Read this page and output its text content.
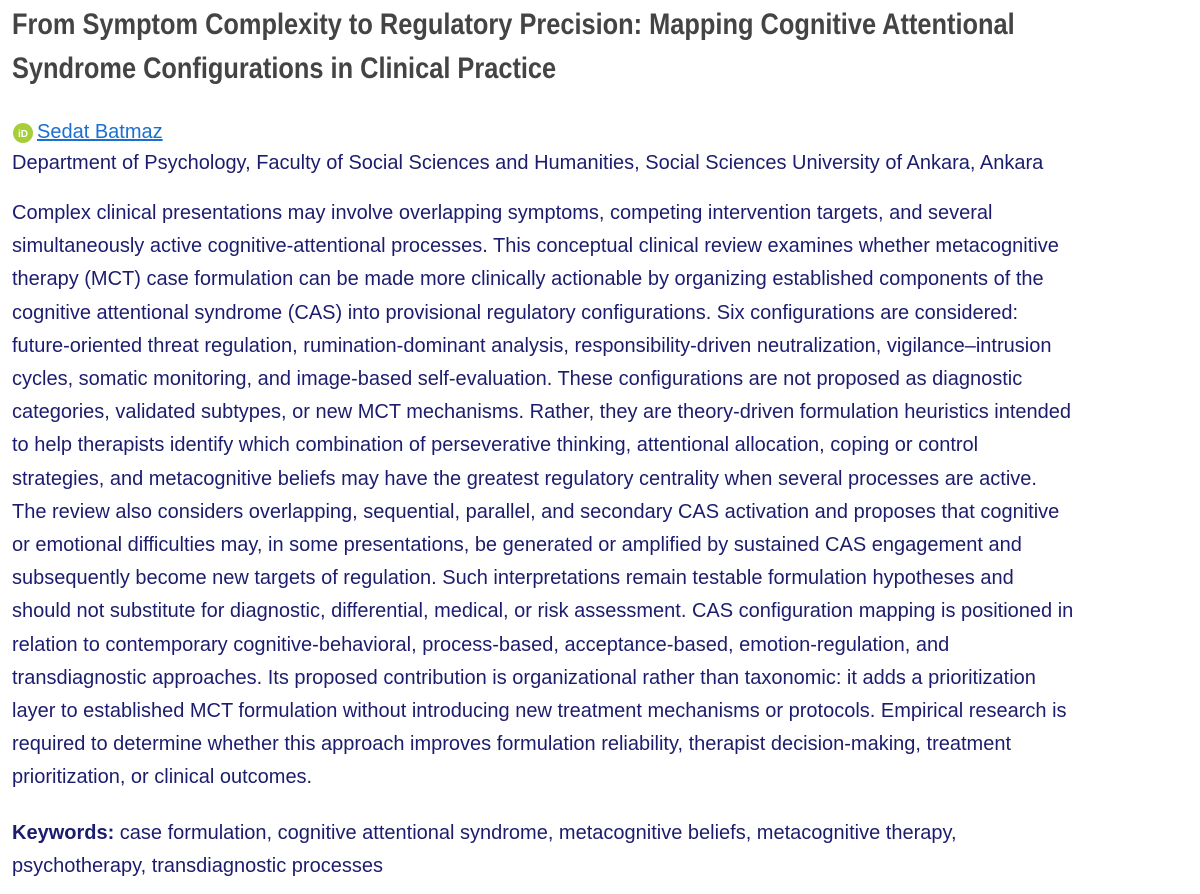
From Symptom Complexity to Regulatory Precision: Mapping Cognitive Attentional
Syndrome Configurations in Clinical Practice
iD Sedat Batmaz
Department of Psychology, Faculty of Social Sciences and Humanities, Social Sciences University of Ankara, Ankara
Complex clinical presentations may involve overlapping symptoms, competing intervention targets, and several
simultaneously active cognitive-attentional processes. This conceptual clinical review examines whether metacognitive
therapy (MCT) case formulation can be made more clinically actionable by organizing established components of the
cognitive attentional syndrome (CAS) into provisional regulatory configurations. Six configurations are considered:
future-oriented threat regulation, rumination-dominant analysis, responsibility-driven neutralization, vigilance–intrusion
cycles, somatic monitoring, and image-based self-evaluation. These configurations are not proposed as diagnostic
categories, validated subtypes, or new MCT mechanisms. Rather, they are theory-driven formulation heuristics intended
to help therapists identify which combination of perseverative thinking, attentional allocation, coping or control
strategies, and metacognitive beliefs may have the greatest regulatory centrality when several processes are active.
The review also considers overlapping, sequential, parallel, and secondary CAS activation and proposes that cognitive
or emotional difficulties may, in some presentations, be generated or amplified by sustained CAS engagement and
subsequently become new targets of regulation. Such interpretations remain testable formulation hypotheses and
should not substitute for diagnostic, differential, medical, or risk assessment. CAS configuration mapping is positioned in
relation to contemporary cognitive-behavioral, process-based, acceptance-based, emotion-regulation, and
transdiagnostic approaches. Its proposed contribution is organizational rather than taxonomic: it adds a prioritization
layer to established MCT formulation without introducing new treatment mechanisms or protocols. Empirical research is
required to determine whether this approach improves formulation reliability, therapist decision-making, treatment
prioritization, or clinical outcomes.
Keywords: case formulation, cognitive attentional syndrome, metacognitive beliefs, metacognitive therapy,
psychotherapy, transdiagnostic processes
